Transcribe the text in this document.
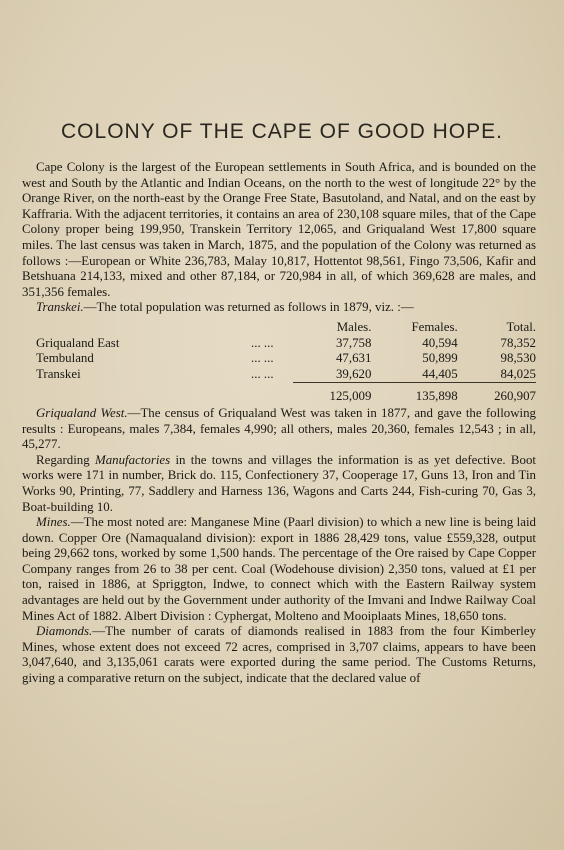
COLONY OF THE CAPE OF GOOD HOPE.

Cape Colony is the largest of the European settlements in South Africa, and is bounded on the west and South by the Atlantic and Indian Oceans, on the north to the west of longitude 22° by the Orange River, on the north-east by the Orange Free State, Basutoland, and Natal, and on the east by Kaffraria. With the adjacent territories, it contains an area of 230,108 square miles, that of the Cape Colony proper being 199,950, Transkein Territory 12,065, and Griqualand West 17,800 square miles. The last census was taken in March, 1875, and the population of the Colony was returned as follows :—European or White 236,783, Malay 10,817, Hottentot 98,561, Fingo 73,506, Kafir and Betshuana 214,133, mixed and other 87,184, or 720,984 in all, of which 369,628 are males, and 351,356 females.

Transkei.—The total population was returned as follows in 1879, viz. :—

		Males.	Females.	Total.
Griqualand East	... ...	37,758	40,594	78,352
Tembuland	... ...	47,631	50,899	98,530
Transkei	... ...	39,620	44,405	84,025
		125,009	135,898	260,907

Griqualand West.—The census of Griqualand West was taken in 1877, and gave the following results : Europeans, males 7,384, females 4,990; all others, males 20,360, females 12,543 ; in all, 45,277.

Regarding Manufactories in the towns and villages the information is as yet defective. Boot works were 171 in number, Brick do. 115, Confectionery 37, Cooperage 17, Guns 13, Iron and Tin Works 90, Printing, 77, Saddlery and Harness 136, Wagons and Carts 244, Fish-curing 70, Gas 3, Boat-building 10.

Mines.—The most noted are: Manganese Mine (Paarl division) to which a new line is being laid down. Copper Ore (Namaqualand division): export in 1886 28,429 tons, value £559,328, output being 29,662 tons, worked by some 1,500 hands. The percentage of the Ore raised by Cape Copper Company ranges from 26 to 38 per cent. Coal (Wodehouse division) 2,350 tons, valued at £1 per ton, raised in 1886, at Spriggton, Indwe, to connect which with the Eastern Railway system advantages are held out by the Government under authority of the Imvani and Indwe Railway Coal Mines Act of 1882. Albert Division : Cyphergat, Molteno and Mooiplaats Mines, 18,650 tons.

Diamonds.—The number of carats of diamonds realised in 1883 from the four Kimberley Mines, whose extent does not exceed 72 acres, comprised in 3,707 claims, appears to have been 3,047,640, and 3,135,061 carats were exported during the same period. The Customs Returns, giving a comparative return on the subject, indicate that the declared value of
